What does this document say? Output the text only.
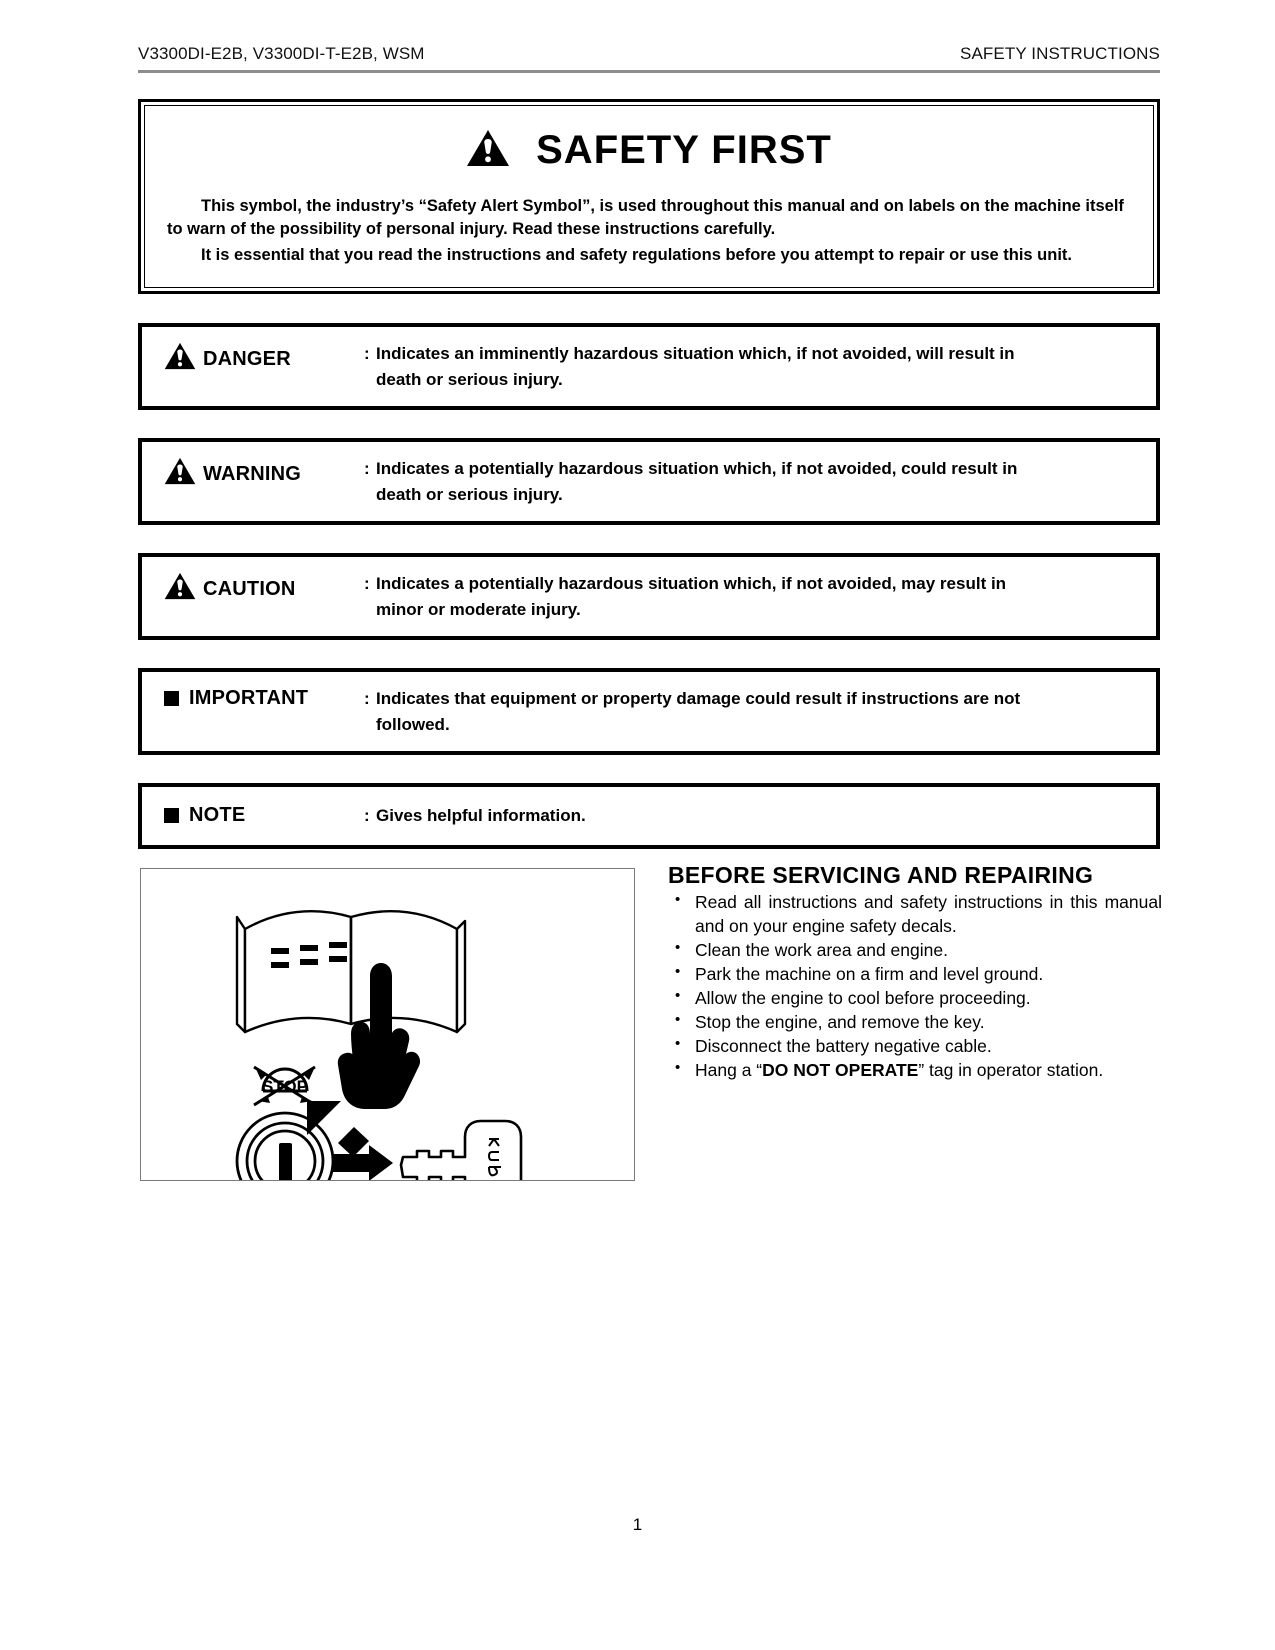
V3300DI-E2B, V3300DI-T-E2B, WSM	SAFETY INSTRUCTIONS
SAFETY FIRST

This symbol, the industry’s “Safety Alert Symbol”, is used throughout this manual and on labels on the machine itself to warn of the possibility of personal injury. Read these instructions carefully.

It is essential that you read the instructions and safety regulations before you attempt to repair or use this unit.

DANGER	: Indicates an imminently hazardous situation which, if not avoided, will result in
death or serious injury.
WARNING	: Indicates a potentially hazardous situation which, if not avoided, could result in
death or serious injury.
CAUTION	: Indicates a potentially hazardous situation which, if not avoided, may result in
minor or moderate injury.
IMPORTANT	: Indicates that equipment or property damage could result if instructions are not
followed.
NOTE	: Gives helpful information.
STOP
BEFORE SERVICING AND REPAIRING
• Read all instructions and safety instructions in this manual and on your engine safety decals.
• Clean the work area and engine.
• Park the machine on a firm and level ground.
• Allow the engine to cool before proceeding.
• Stop the engine, and remove the key.
• Disconnect the battery negative cable.
• Hang a “DO NOT OPERATE” tag in operator station.
1
